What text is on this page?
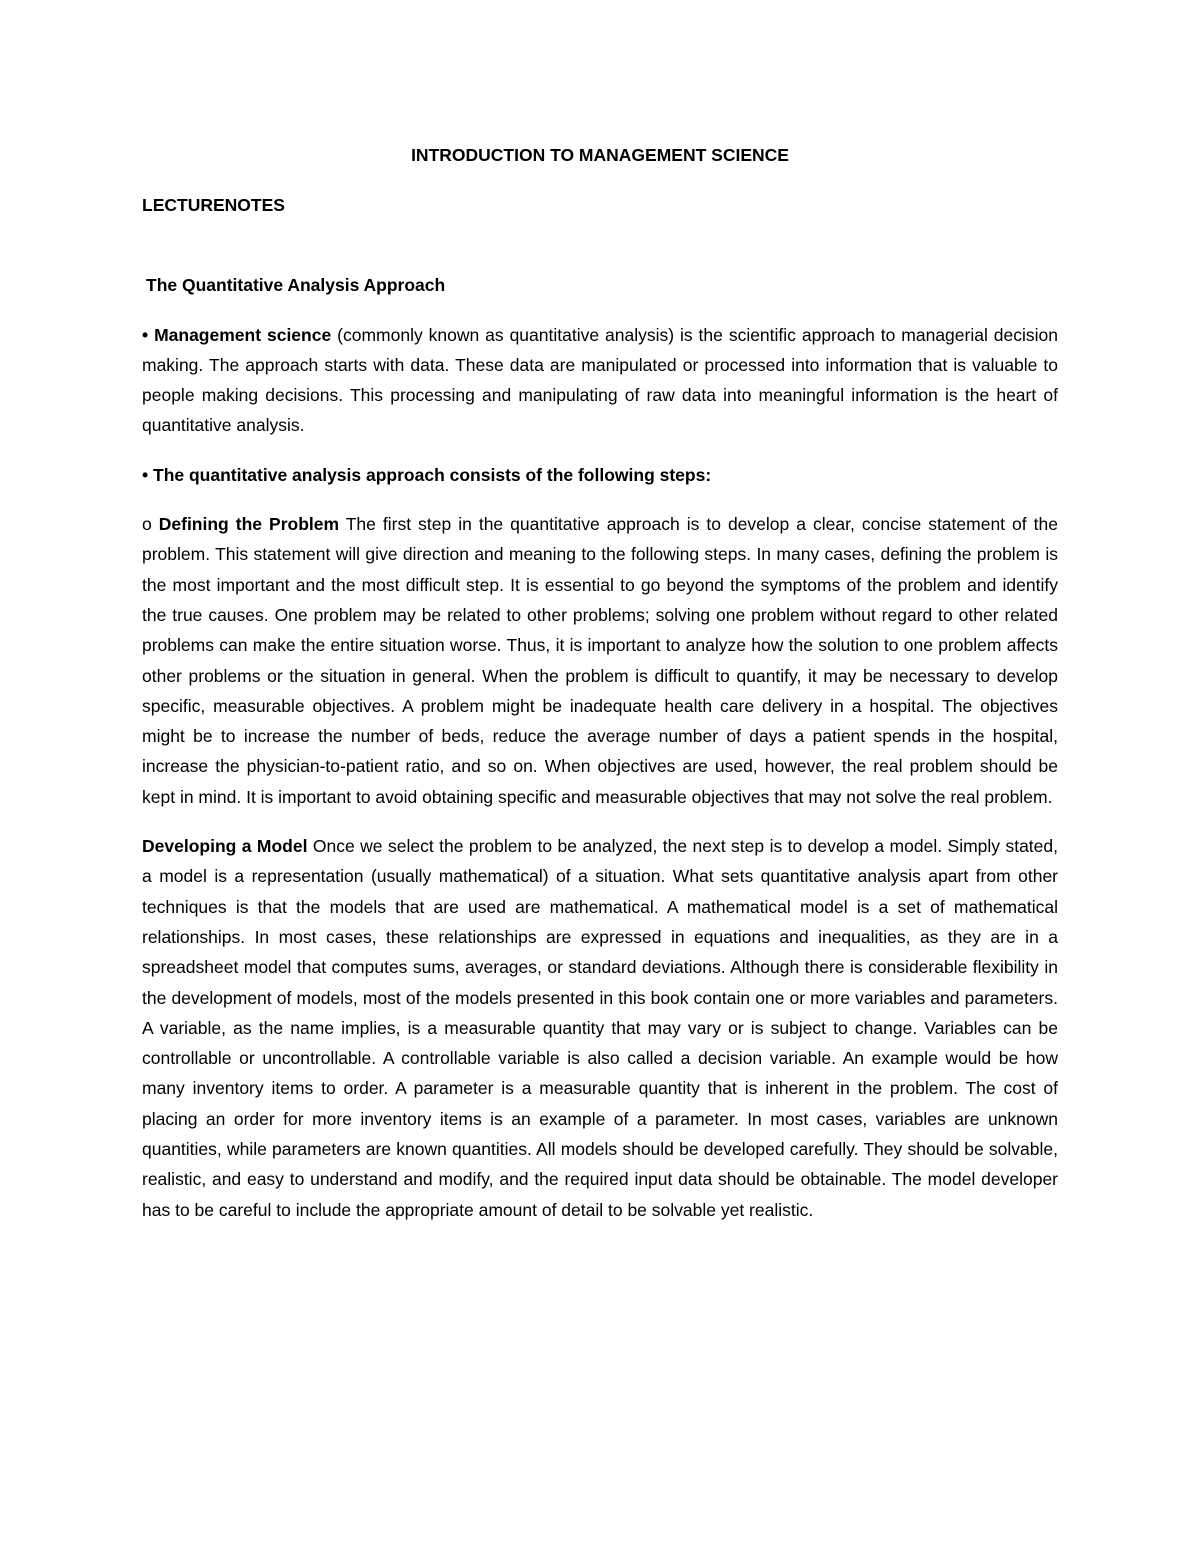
INTRODUCTION TO MANAGEMENT SCIENCE
LECTURENOTES
The Quantitative Analysis Approach

• Management science (commonly known as quantitative analysis) is the scientific approach to managerial decision making. The approach starts with data. These data are manipulated or processed into information that is valuable to people making decisions. This processing and manipulating of raw data into meaningful information is the heart of quantitative analysis.

• The quantitative analysis approach consists of the following steps:

o Defining the Problem The first step in the quantitative approach is to develop a clear, concise statement of the problem. This statement will give direction and meaning to the following steps. In many cases, defining the problem is the most important and the most difficult step. It is essential to go beyond the symptoms of the problem and identify the true causes. One problem may be related to other problems; solving one problem without regard to other related problems can make the entire situation worse. Thus, it is important to analyze how the solution to one problem affects other problems or the situation in general. When the problem is difficult to quantify, it may be necessary to develop specific, measurable objectives. A problem might be inadequate health care delivery in a hospital. The objectives might be to increase the number of beds, reduce the average number of days a patient spends in the hospital, increase the physician-to-patient ratio, and so on. When objectives are used, however, the real problem should be kept in mind. It is important to avoid obtaining specific and measurable objectives that may not solve the real problem.

Developing a Model Once we select the problem to be analyzed, the next step is to develop a model. Simply stated, a model is a representation (usually mathematical) of a situation. What sets quantitative analysis apart from other techniques is that the models that are used are mathematical. A mathematical model is a set of mathematical relationships. In most cases, these relationships are expressed in equations and inequalities, as they are in a spreadsheet model that computes sums, averages, or standard deviations. Although there is considerable flexibility in the development of models, most of the models presented in this book contain one or more variables and parameters. A variable, as the name implies, is a measurable quantity that may vary or is subject to change. Variables can be controllable or uncontrollable. A controllable variable is also called a decision variable. An example would be how many inventory items to order. A parameter is a measurable quantity that is inherent in the problem. The cost of placing an order for more inventory items is an example of a parameter. In most cases, variables are unknown quantities, while parameters are known quantities. All models should be developed carefully. They should be solvable, realistic, and easy to understand and modify, and the required input data should be obtainable. The model developer has to be careful to include the appropriate amount of detail to be solvable yet realistic.
